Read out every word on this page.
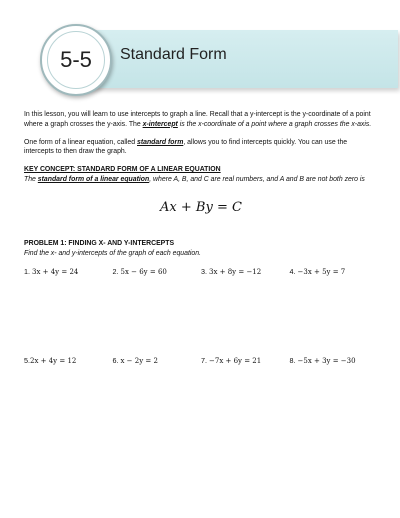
5-5	Standard Form

In this lesson, you will learn to use intercepts to graph a line. Recall that a y-intercept is the y-coordinate of a point where a graph crosses the y-axis. The x-intercept is the x-coordinate of a point where a graph crosses the x-axis.

One form of a linear equation, called standard form, allows you to find intercepts quickly. You can use the intercepts to then draw the graph.

KEY CONCEPT: STANDARD FORM OF A LINEAR EQUATION

The standard form of a linear equation, where A, B, and C are real numbers, and A and B are not both zero is

Ax + By = C

PROBLEM 1: FINDING X- AND Y-INTERCEPTS

Find the x- and y-intercepts of the graph of each equation.

1. 3x + 4y = 24	2. 5x − 6y = 60	3. 3x + 8y = −12	4. −3x + 5y = 7
5.2x + 4y = 12	6. x − 2y = 2	7. −7x + 6y = 21	8. −5x + 3y = −30
